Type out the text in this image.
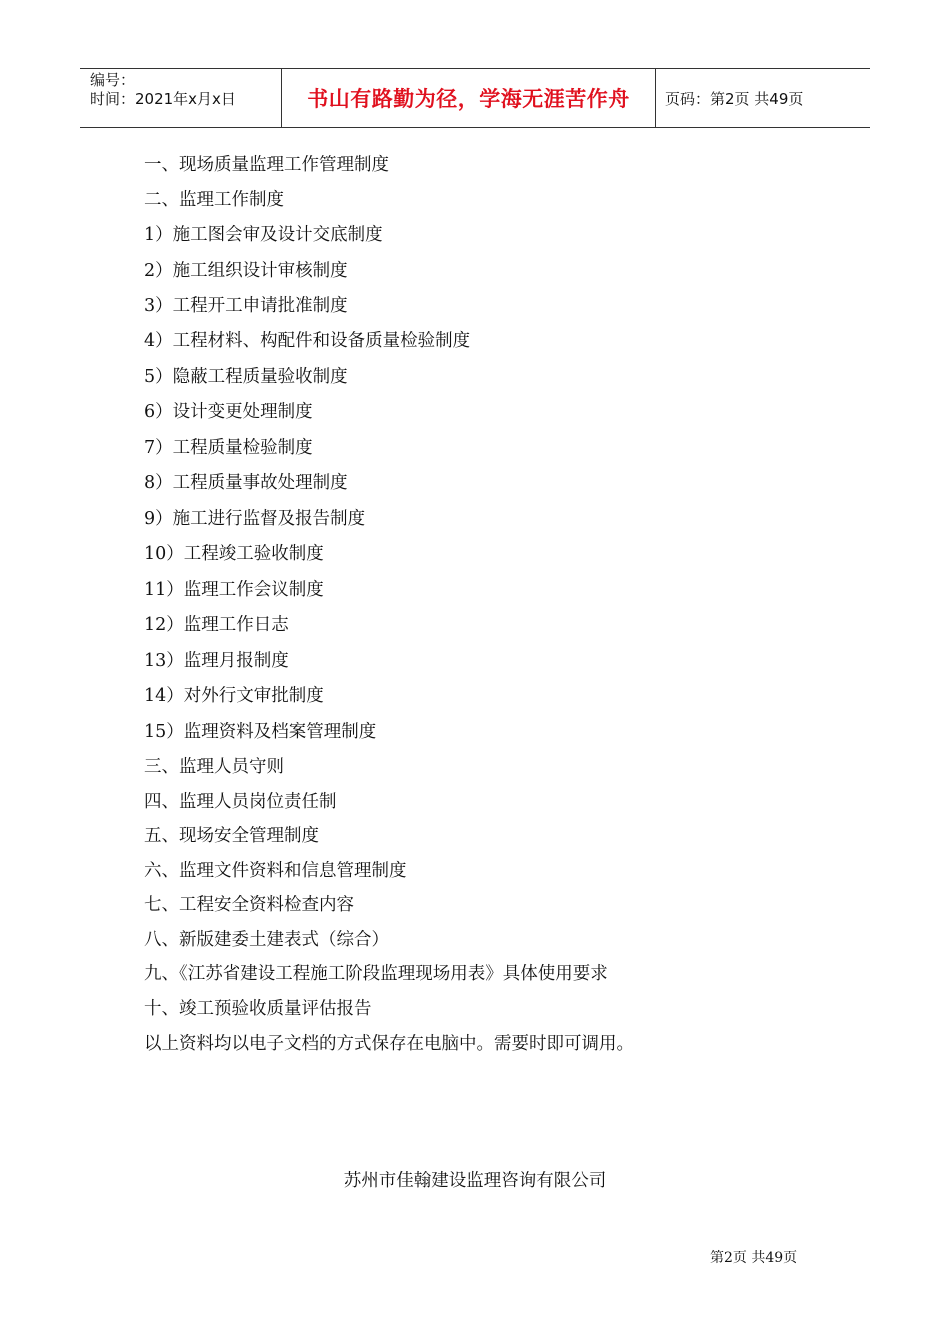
编号：
时间：2021年x月x日	书山有路勤为径，学海无涯苦作舟	页码：第2页 共49页
一、现场质量监理工作管理制度
二、监理工作制度
1）施工图会审及设计交底制度
2）施工组织设计审核制度
3）工程开工申请批准制度
4）工程材料、构配件和设备质量检验制度
5）隐蔽工程质量验收制度
6）设计变更处理制度
7）工程质量检验制度
8）工程质量事故处理制度
9）施工进行监督及报告制度
10）工程竣工验收制度
11）监理工作会议制度
12）监理工作日志
13）监理月报制度
14）对外行文审批制度
15）监理资料及档案管理制度
三、监理人员守则
四、监理人员岗位责任制
五、现场安全管理制度
六、监理文件资料和信息管理制度
七、工程安全资料检查内容
八、新版建委土建表式（综合）
九、《江苏省建设工程施工阶段监理现场用表》具体使用要求
十、竣工预验收质量评估报告
以上资料均以电子文档的方式保存在电脑中。需要时即可调用。
苏州市佳翰建设监理咨询有限公司
第2页 共49页
